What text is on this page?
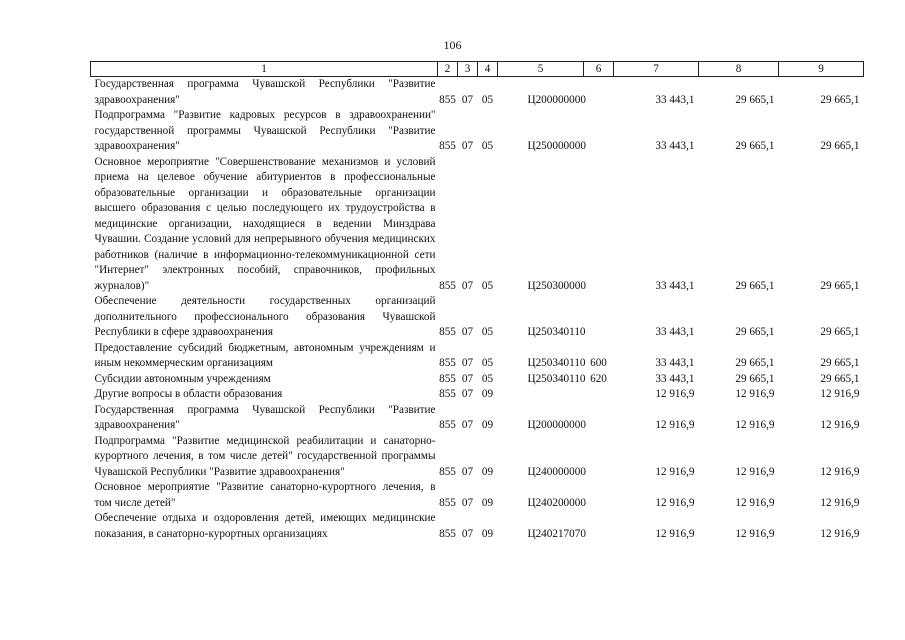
106
1	2	3	4	5	6	7	8	9
Государственная программа Чувашской Республики "Развитие здравоохранения"	855	07	05	Ц200000000		33 443,1	29 665,1	29 665,1
Подпрограмма "Развитие кадровых ресурсов в здравоохранении" государственной программы Чувашской Республики "Развитие здравоохранения"	855	07	05	Ц250000000		33 443,1	29 665,1	29 665,1
Основное мероприятие "Совершенствование механизмов и условий приема на целевое обучение абитуриентов в профессиональные образовательные организации и образовательные организации высшего образования с целью последующего их трудоустройства в медицинские организации, находящиеся в ведении Минздрава Чувашии. Создание условий для непрерывного обучения медицинских работников (наличие в информационно-телекоммуникационной сети "Интернет" электронных пособий, справочников, профильных журналов)"	855	07	05	Ц250300000		33 443,1	29 665,1	29 665,1
Обеспечение деятельности государственных организаций дополнительного профессионального образования Чувашской Республики в сфере здравоохранения	855	07	05	Ц250340110		33 443,1	29 665,1	29 665,1
Предоставление субсидий бюджетным, автономным учреждениям и иным некоммерческим организациям	855	07	05	Ц250340110	600	33 443,1	29 665,1	29 665,1
Субсидии автономным учреждениям	855	07	05	Ц250340110	620	33 443,1	29 665,1	29 665,1
Другие вопросы в области образования	855	07	09			12 916,9	12 916,9	12 916,9
Государственная программа Чувашской Республики "Развитие здравоохранения"	855	07	09	Ц200000000		12 916,9	12 916,9	12 916,9
Подпрограмма "Развитие медицинской реабилитации и санаторно-курортного лечения, в том числе детей" государственной программы Чувашской Республики "Развитие здравоохранения"	855	07	09	Ц240000000		12 916,9	12 916,9	12 916,9
Основное мероприятие "Развитие санаторно-курортного лечения, в том числе детей"	855	07	09	Ц240200000		12 916,9	12 916,9	12 916,9
Обеспечение отдыха и оздоровления детей, имеющих медицинские показания, в санаторно-курортных организациях	855	07	09	Ц240217070		12 916,9	12 916,9	12 916,9
